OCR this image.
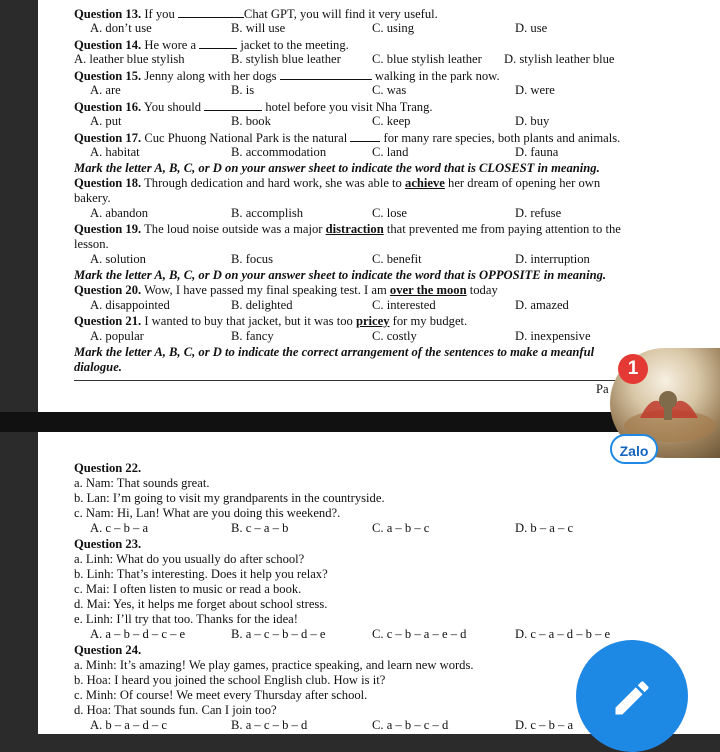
Question 13. If you	Chat GPT, you will find it very useful.
A. don’t use	B. will use	C. using	D. use
Question 14. He wore a	jacket to the meeting.
A. leather blue stylish	B. stylish blue leather C. blue stylish leather D. stylish leather blue
Question 15. Jenny along with her dogs	walking in the park now.
A. are	B. is	C. was	D. were
Question 16. You should	hotel before you visit Nha Trang.
A. put	B. book	C. keep	D. buy
Question 17. Cuc Phuong National Park is the natural  for many rare species, both plants and animals.
A. habitat	B. accommodation	C. land	D. fauna
Mark the letter A, B, C, or D on your answer sheet to indicate the word that is CLOSEST in meaning.
Question 18. Through dedication and hard work, she was able to achieve her dream of opening her own
bakery.
A. abandon	B. accomplish	C. lose	D. refuse
Question 19. The loud noise outside was a major distraction that prevented me from paying attention to the
lesson.
A. solution	B. focus	C. benefit	D. interruption
Mark the letter A, B, C, or D on your answer sheet to indicate the word that is OPPOSITE in meaning.
Question 20. Wow, I have passed my final speaking test. I am over the moon today
A. disappointed	B. delighted	C. interested	D. amazed
Question 21. I wanted to buy that jacket, but it was too pricey for my budget.
A. popular	B. fancy	C. costly	D. inexpensive
Mark the letter A, B, C, or D to indicate the correct arrangement of the sentences to make a meanful
dialogue.
Pa
Question 22.
a. Nam: That sounds great.
b. Lan: I’m going to visit my grandparents in the countryside.
c. Nam: Hi, Lan! What are you doing this weekend?.
A. c – b – a	B. c – a – b	C. a – b – c	D. b – a – c
Question 23.
a. Linh: What do you usually do after school?
b. Linh: That’s interesting. Does it help you relax?
c. Mai: I often listen to music or read a book.
d. Mai: Yes, it helps me forget about school stress.
e. Linh: I’ll try that too. Thanks for the idea!
A. a – b – d – c – e	B. a – c – b – d – e	C. c – b – a – e – d	D. c – a – d – b – e
Question 24.
a. Minh: It’s amazing! We play games, practice speaking, and learn new words.
b. Hoa: I heard you joined the school English club. How is it?
c. Minh: Of course! We meet every Thursday after school.
d. Hoa: That sounds fun. Can I join too?
A. b – a – d – c	B. a – c – b – d	C. a – b – c – d	D. c – b – a
1
Zalo
